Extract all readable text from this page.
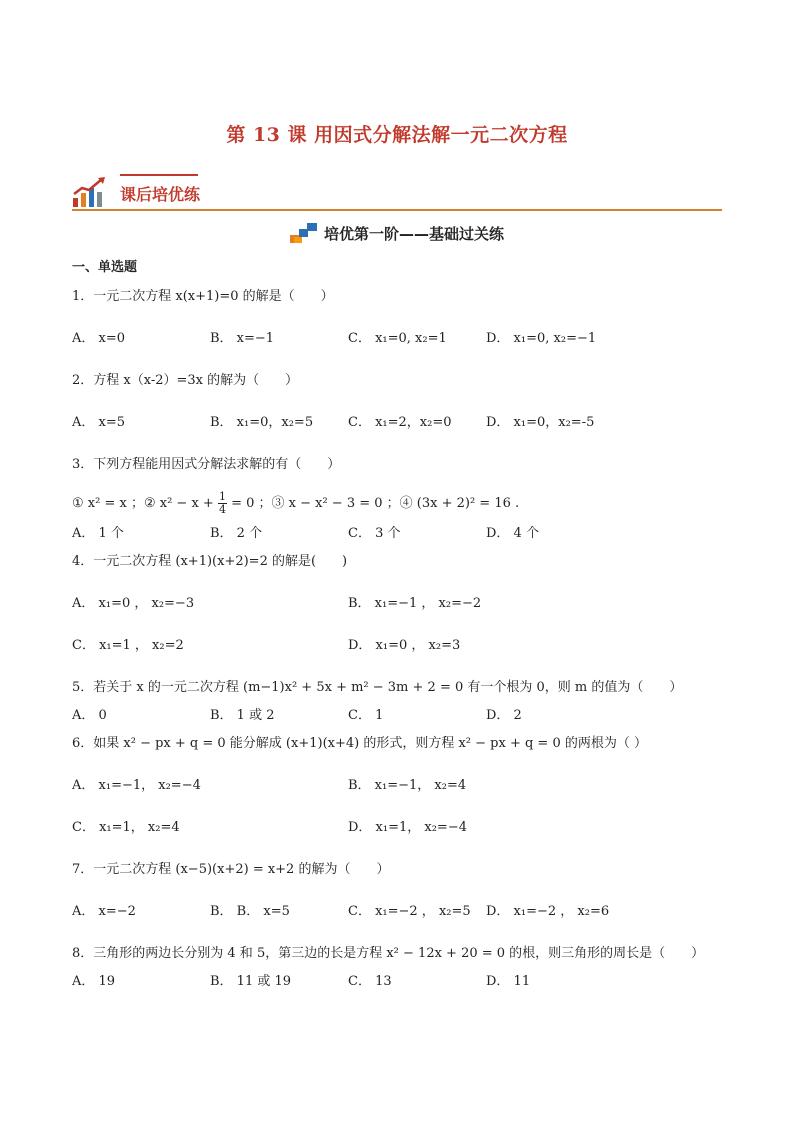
第 13 课 用因式分解法解一元二次方程
课后培优练
培优第一阶——基础过关练
一、单选题
1．一元二次方程 x(x+1)=0 的解是（　　）
A． x=0	B． x=−1	C． x₁=0, x₂=1	D． x₁=0, x₂=−1
2．方程 x（x-2）=3x 的解为（　　）
A． x=5	B． x₁=0，x₂=5	C． x₁=2，x₂=0	D． x₁=0，x₂=-5
3．下列方程能用因式分解法求解的有（　　）
① x² = x ；② $x^2 - x + \frac{1}{4} = 0$ ；③ x − x² − 3 = 0 ；④ (3x + 2)² = 16 .
A． 1 个	B． 2 个	C． 3 个	D． 4 个
4．一元二次方程 (x+1)(x+2)=2 的解是(　　)
A． x₁=0 ， x₂=−3	B． x₁=−1 ， x₂=−2
C． x₁=1 ， x₂=2	D． x₁=0 ， x₂=3
5．若关于 x 的一元二次方程 (m−1)x² + 5x + m² − 3m + 2 = 0 有一个根为 0，则 m 的值为（　　）
A． 0	B． 1 或 2	C． 1	D． 2
6．如果 x² − px + q = 0 能分解成 (x+1)(x+4) 的形式，则方程 x² − px + q = 0 的两根为（ ）
A． x₁=−1， x₂=−4	B． x₁=−1， x₂=4
C． x₁=1， x₂=4	D． x₁=1， x₂=−4
7．一元二次方程 (x−5)(x+2) = x+2 的解为（　　）
A． x=−2	B． B． x=5	C． x₁=−2 ， x₂=5	D． x₁=−2 ， x₂=6
8．三角形的两边长分别为 4 和 5，第三边的长是方程 x² − 12x + 20 = 0 的根，则三角形的周长是（　　）
A． 19	B． 11 或 19	C． 13	D． 11
